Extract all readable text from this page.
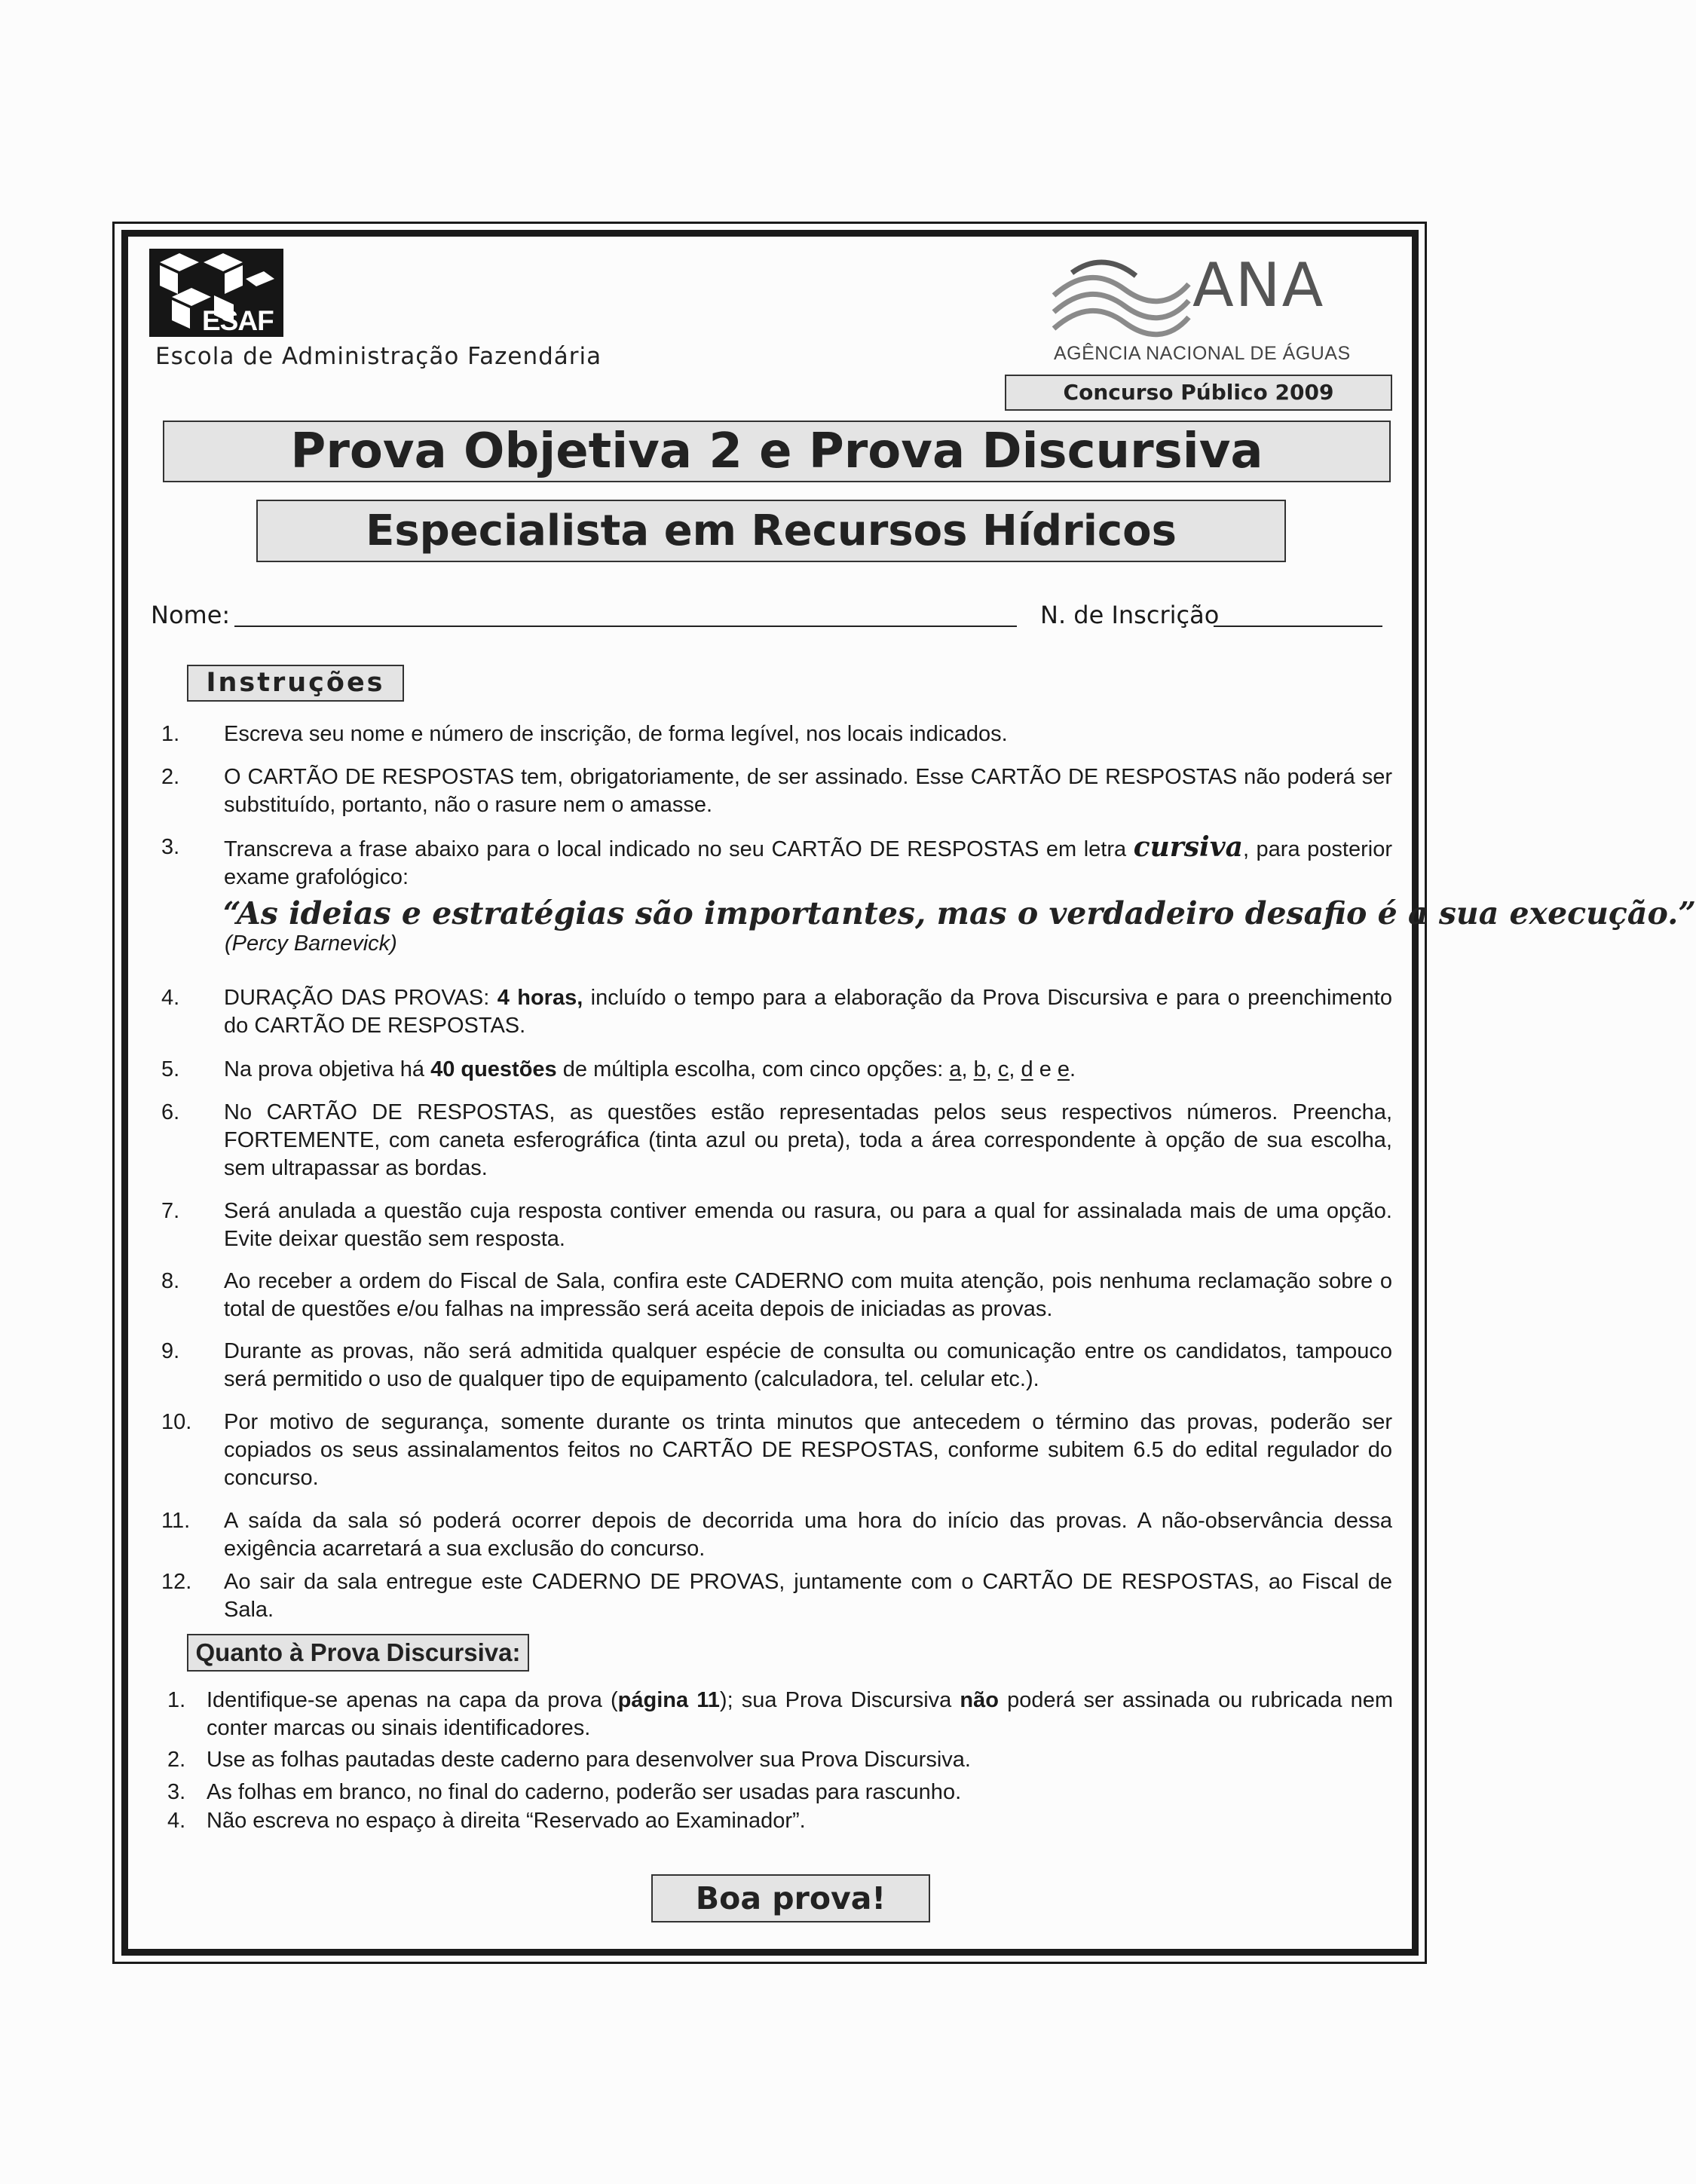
ESAF
Escola de Administração Fazendária
ANA
AGÊNCIA NACIONAL DE ÁGUAS
Concurso Público 2009
Prova Objetiva 2 e Prova Discursiva
Especialista em Recursos Hídricos
Nome:	N. de Inscrição
Instruções
1.	Escreva seu nome e número de inscrição, de forma legível, nos locais indicados.
2.	O CARTÃO DE RESPOSTAS tem, obrigatoriamente, de ser assinado. Esse CARTÃO DE RESPOSTAS não poderá ser substituído, portanto, não o rasure nem o amasse.
3.	Transcreva a frase abaixo para o local indicado no seu CARTÃO DE RESPOSTAS em letra cursiva, para posterior exame grafológico:
“As ideias e estratégias são importantes, mas o verdadeiro desafio é a sua execução.”
(Percy Barnevick)
4.	DURAÇÃO DAS PROVAS: 4 horas, incluído o tempo para a elaboração da Prova Discursiva e para o preenchimento do CARTÃO DE RESPOSTAS.
5.	Na prova objetiva há 40 questões de múltipla escolha, com cinco opções: a, b, c, d e e.
6.	No CARTÃO DE RESPOSTAS, as questões estão representadas pelos seus respectivos números. Preencha, FORTEMENTE, com caneta esferográfica (tinta azul ou preta), toda a área correspondente à opção de sua escolha, sem ultrapassar as bordas.
7.	Será anulada a questão cuja resposta contiver emenda ou rasura, ou para a qual for assinalada mais de uma opção. Evite deixar questão sem resposta.
8.	Ao receber a ordem do Fiscal de Sala, confira este CADERNO com muita atenção, pois nenhuma reclamação sobre o total de questões e/ou falhas na impressão será aceita depois de iniciadas as provas.
9.	Durante as provas, não será admitida qualquer espécie de consulta ou comunicação entre os candidatos, tampouco será permitido o uso de qualquer tipo de equipamento (calculadora, tel. celular etc.).
10.	Por motivo de segurança, somente durante os trinta minutos que antecedem o término das provas, poderão ser copiados os seus assinalamentos feitos no CARTÃO DE RESPOSTAS, conforme subitem 6.5 do edital regulador do concurso.
11.	A saída da sala só poderá ocorrer depois de decorrida uma hora do início das provas. A não-observância dessa exigência acarretará a sua exclusão do concurso.
12.	Ao sair da sala entregue este CADERNO DE PROVAS, juntamente com o CARTÃO DE RESPOSTAS, ao Fiscal de Sala.
Quanto à Prova Discursiva:
1. Identifique-se apenas na capa da prova (página 11); sua Prova Discursiva não poderá ser assinada ou rubricada nem conter marcas ou sinais identificadores.
2. Use as folhas pautadas deste caderno para desenvolver sua Prova Discursiva.
3. As folhas em branco, no final do caderno, poderão ser usadas para rascunho.
4. Não escreva no espaço à direita “Reservado ao Examinador”.
Boa prova!
